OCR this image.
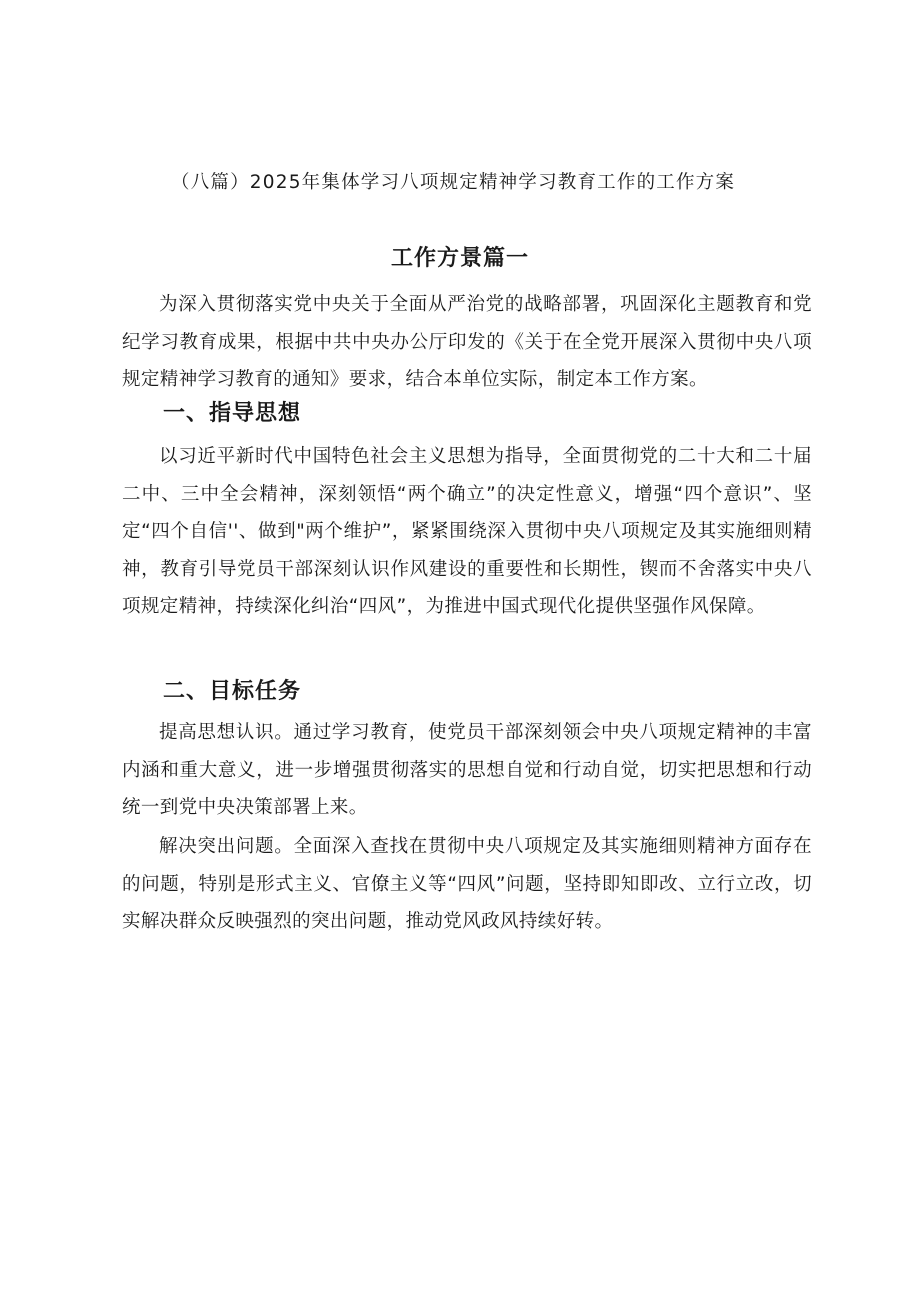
（八篇）2025年集体学习八项规定精神学习教育工作的工作方案
工作方景篇一

为深入贯彻落实党中央关于全面从严治党的战略部署，巩固深化主题教育和党纪学习教育成果，根据中共中央办公厅印发的《关于在全党开展深入贯彻中央八项规定精神学习教育的通知》要求，结合本单位实际，制定本工作方案。

一、指导思想

以习近平新时代中国特色社会主义思想为指导，全面贯彻党的二十大和二十届二中、三中全会精神，深刻领悟“两个确立”的决定性意义，增强“四个意识”、坚定“四个自信''、做到"两个维护”，紧紧围绕深入贯彻中央八项规定及其实施细则精神，教育引导党员干部深刻认识作风建设的重要性和长期性，锲而不舍落实中央八项规定精神，持续深化纠治“四风”，为推进中国式现代化提供坚强作风保障。

二、目标任务

提高思想认识。通过学习教育，使党员干部深刻领会中央八项规定精神的丰富内涵和重大意义，进一步增强贯彻落实的思想自觉和行动自觉，切实把思想和行动统一到党中央决策部署上来。

解决突出问题。全面深入查找在贯彻中央八项规定及其实施细则精神方面存在的问题，特别是形式主义、官僚主义等“四风”问题，坚持即知即改、立行立改，切实解决群众反映强烈的突出问题，推动党风政风持续好转。
